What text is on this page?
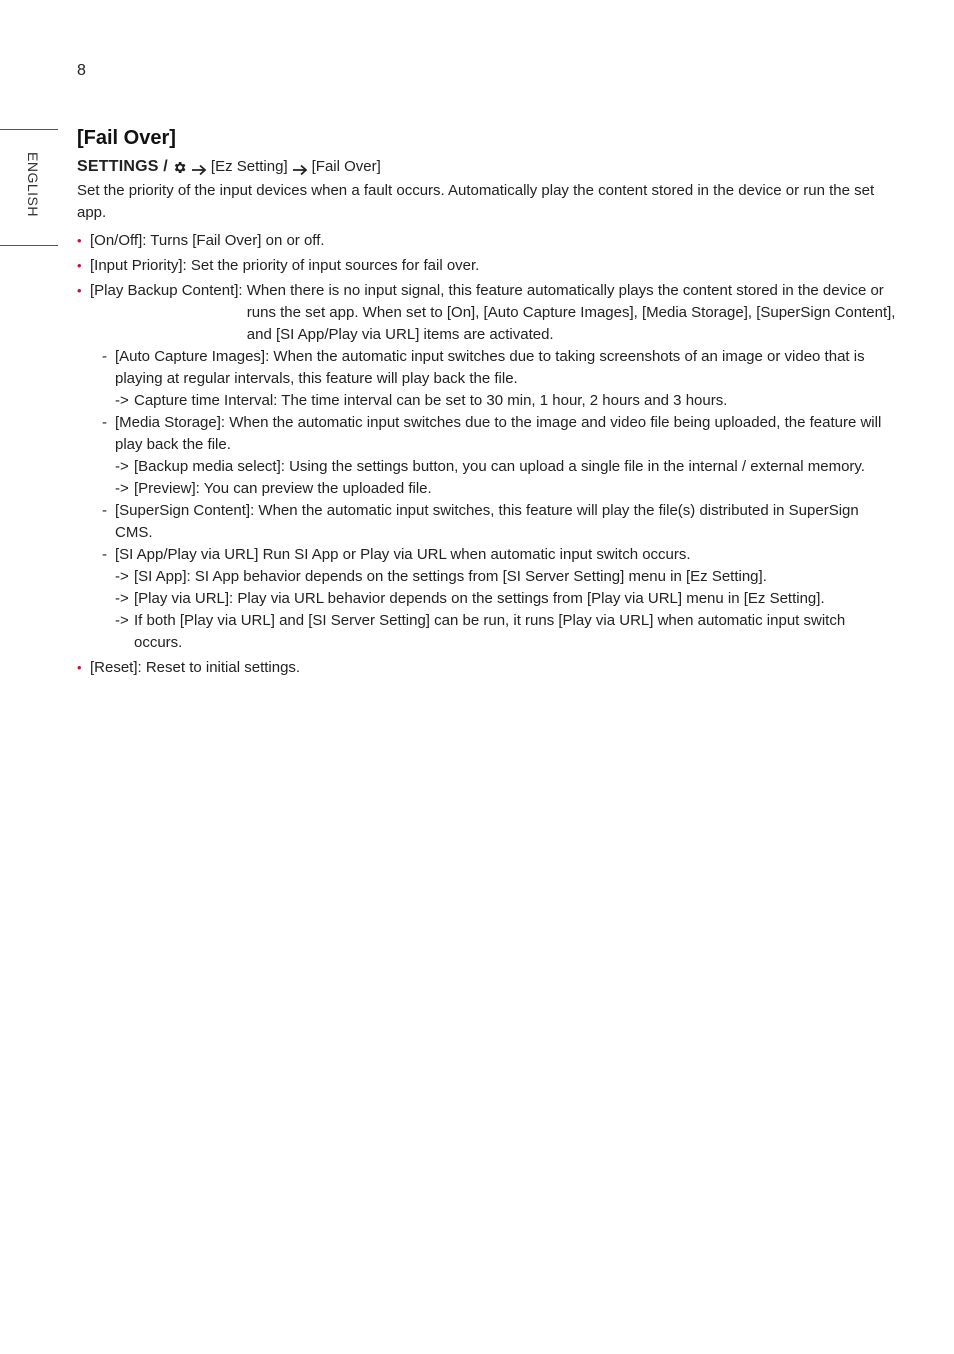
8
ENGLISH
[Fail Over]
SETTINGS /	[Ez Setting] [Fail Over]

Set the priority of the input devices when a fault occurs. Automatically play the content stored in the device or run the set app.

• [On/Off]: Turns [Fail Over] on or off.
• [Input Priority]: Set the priority of input sources for fail over.
• [Play Backup Content]:
When there is no input signal, this feature automatically plays the content stored in the device or runs the set app. When set to [On], [Auto Capture Images], [Media Storage], [SuperSign Content], and [SI App/Play via URL] items are activated.
- [Auto Capture Images]: When the automatic input switches due to taking screenshots of an image or video that is playing at regular intervals, this feature will play back the file.
-> Capture time Interval: The time interval can be set to 30 min, 1 hour, 2 hours and 3 hours.
- [Media Storage]: When the automatic input switches due to the image and video file being uploaded, the feature will play back the file.
-> [Backup media select]: Using the settings button, you can upload a single file in the internal / external memory.
-> [Preview]: You can preview the uploaded file.
- [SuperSign Content]: When the automatic input switches, this feature will play the file(s) distributed in SuperSign CMS.
- [SI App/Play via URL] Run SI App or Play via URL when automatic input switch occurs.
-> [SI App]: SI App behavior depends on the settings from [SI Server Setting] menu in [Ez Setting].
-> [Play via URL]: Play via URL behavior depends on the settings from [Play via URL] menu in [Ez Setting].
-> If both [Play via URL] and [SI Server Setting] can be run, it runs [Play via URL] when automatic input switch occurs.
• [Reset]: Reset to initial settings.
